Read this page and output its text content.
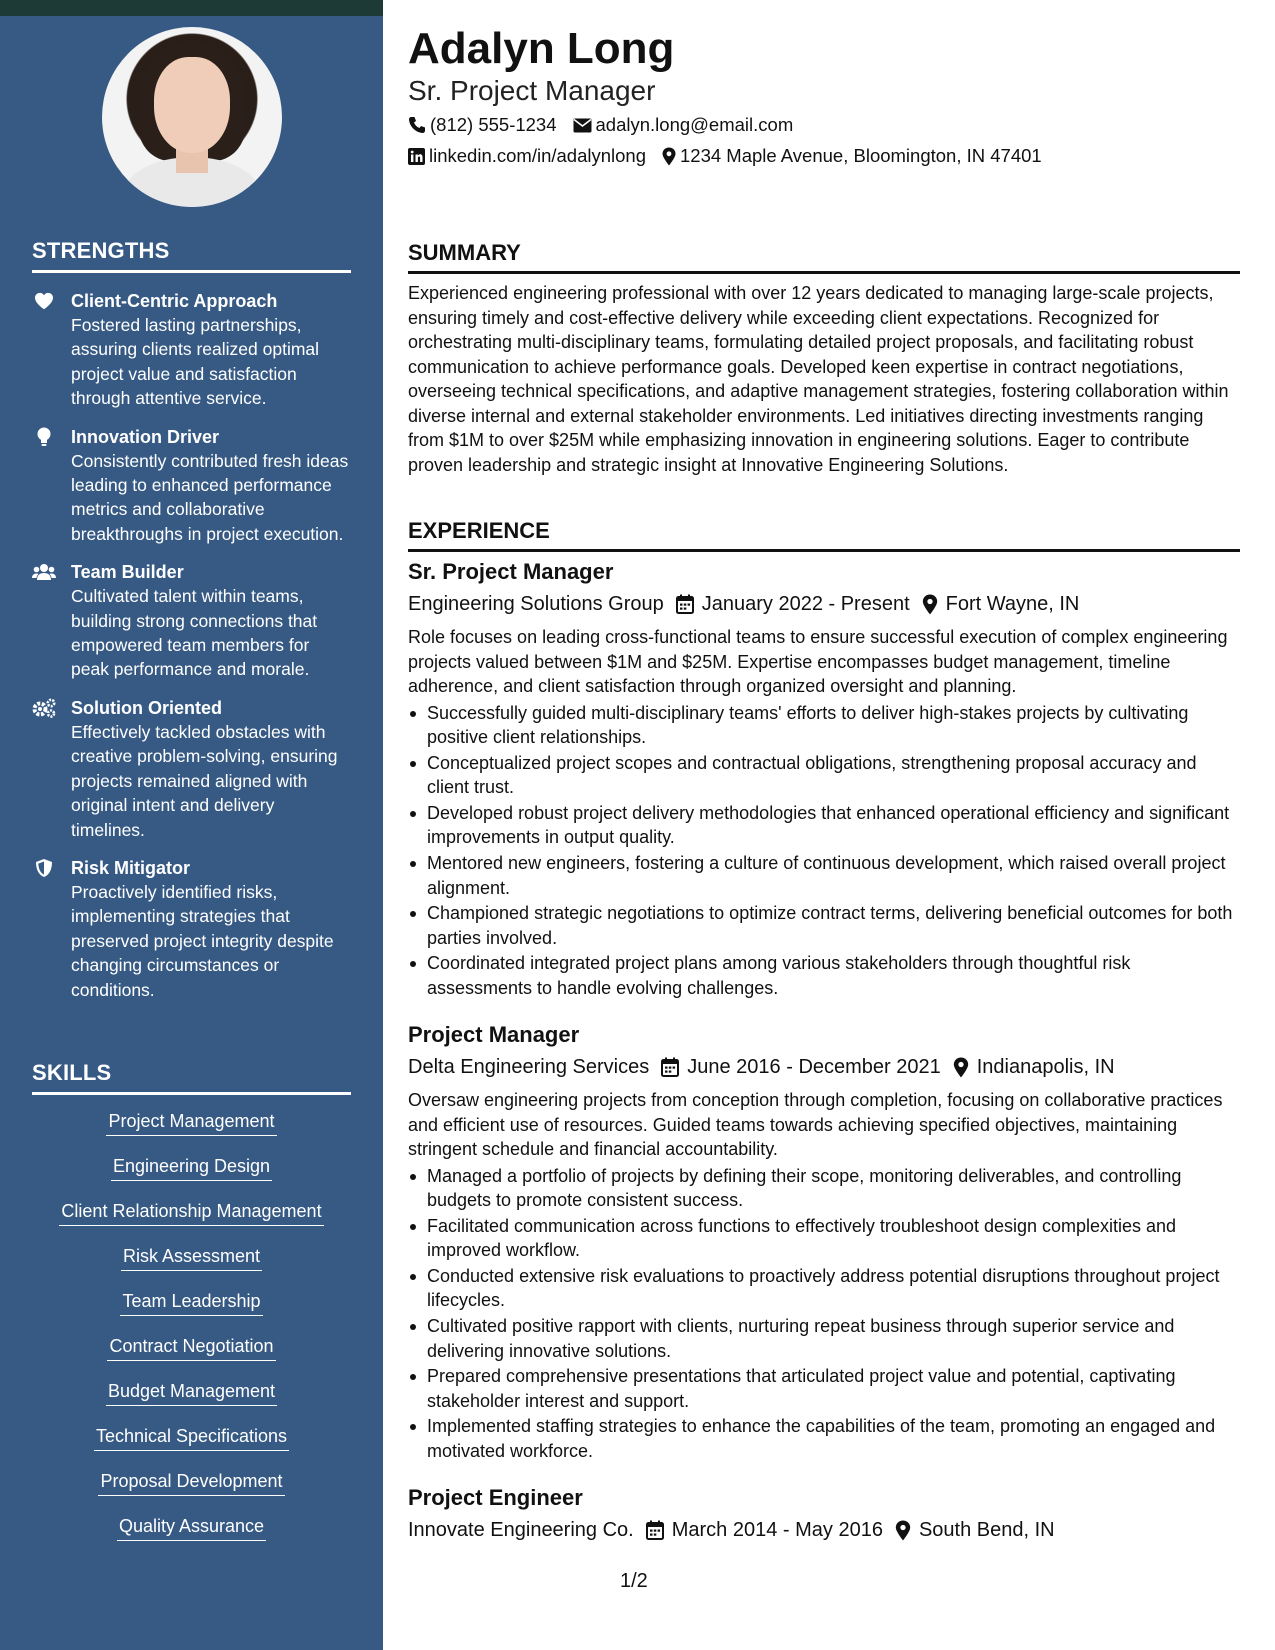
STRENGTHS
Client-Centric Approach
Fostered lasting partnerships, assuring clients realized optimal project value and satisfaction through attentive service.
Innovation Driver
Consistently contributed fresh ideas leading to enhanced performance metrics and collaborative breakthroughs in project execution.
Team Builder
Cultivated talent within teams, building strong connections that empowered team members for peak performance and morale.
Solution Oriented
Effectively tackled obstacles with creative problem-solving, ensuring projects remained aligned with original intent and delivery timelines.
Risk Mitigator
Proactively identified risks, implementing strategies that preserved project integrity despite changing circumstances or conditions.
SKILLS
Project Management
Engineering Design
Client Relationship Management
Risk Assessment
Team Leadership
Contract Negotiation
Budget Management
Technical Specifications
Proposal Development
Quality Assurance
Adalyn Long
Sr. Project Manager
(812) 555-1234 adalyn.long@email.com
linkedin.com/in/adalynlong 1234 Maple Avenue, Bloomington, IN 47401
SUMMARY

Experienced engineering professional with over 12 years dedicated to managing large-scale projects, ensuring timely and cost-effective delivery while exceeding client expectations. Recognized for orchestrating multi-disciplinary teams, formulating detailed project proposals, and facilitating robust communication to achieve performance goals. Developed keen expertise in contract negotiations, overseeing technical specifications, and adaptive management strategies, fostering collaboration within diverse internal and external stakeholder environments. Led initiatives directing investments ranging from $1M to over $25M while emphasizing innovation in engineering solutions. Eager to contribute proven leadership and strategic insight at Innovative Engineering Solutions.

EXPERIENCE
Sr. Project Manager
Engineering Solutions Group January 2022 - Present Fort Wayne, IN

Role focuses on leading cross-functional teams to ensure successful execution of complex engineering projects valued between $1M and $25M. Expertise encompasses budget management, timeline adherence, and client satisfaction through organized oversight and planning.

Successfully guided multi-disciplinary teams' efforts to deliver high-stakes projects by cultivating positive client relationships.
Conceptualized project scopes and contractual obligations, strengthening proposal accuracy and client trust.
Developed robust project delivery methodologies that enhanced operational efficiency and significant improvements in output quality.
Mentored new engineers, fostering a culture of continuous development, which raised overall project alignment.
Championed strategic negotiations to optimize contract terms, delivering beneficial outcomes for both parties involved.
Coordinated integrated project plans among various stakeholders through thoughtful risk assessments to handle evolving challenges.
Project Manager
Delta Engineering Services June 2016 - December 2021 Indianapolis, IN

Oversaw engineering projects from conception through completion, focusing on collaborative practices and efficient use of resources. Guided teams towards achieving specified objectives, maintaining stringent schedule and financial accountability.

Managed a portfolio of projects by defining their scope, monitoring deliverables, and controlling budgets to promote consistent success.
Facilitated communication across functions to effectively troubleshoot design complexities and improved workflow.
Conducted extensive risk evaluations to proactively address potential disruptions throughout project lifecycles.
Cultivated positive rapport with clients, nurturing repeat business through superior service and delivering innovative solutions.
Prepared comprehensive presentations that articulated project value and potential, captivating stakeholder interest and support.
Implemented staffing strategies to enhance the capabilities of the team, promoting an engaged and motivated workforce.
Project Engineer
Innovate Engineering Co. March 2014 - May 2016 South Bend, IN
1/2
